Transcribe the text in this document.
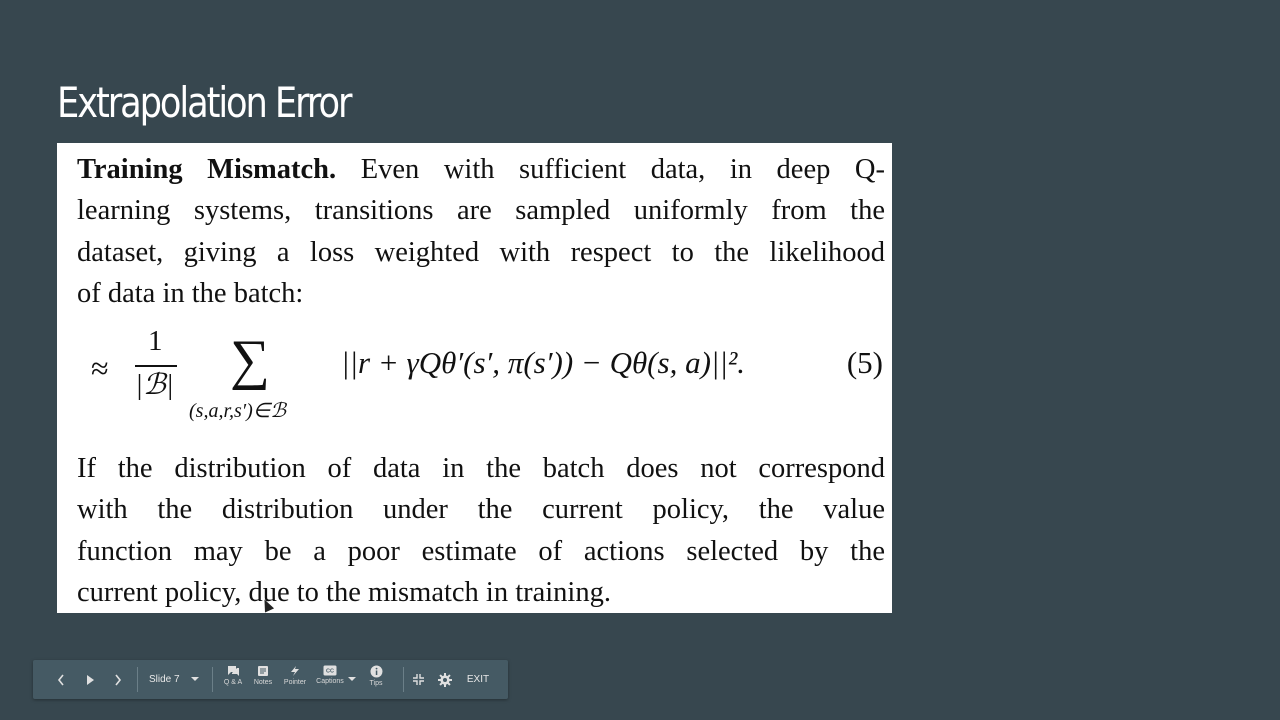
Extrapolation Error
Training Mismatch. Even with sufficient data, in deep Q-
learning systems, transitions are sampled uniformly from the
dataset, giving a loss weighted with respect to the likelihood
of data in the batch:
≈
1
|ℬ| ∑
(s,a,r,s′)∈ℬ
||r + γQθ′(s′, π(s′)) − Qθ(s, a)||².	(5)
If the distribution of data in the batch does not correspond
with the distribution under the current policy, the value
function may be a poor estimate of actions selected by the
current policy, due to the mismatch in training.
Slide 7	Q & A Notes Pointer
CC
Captions	Tips	EXIT
